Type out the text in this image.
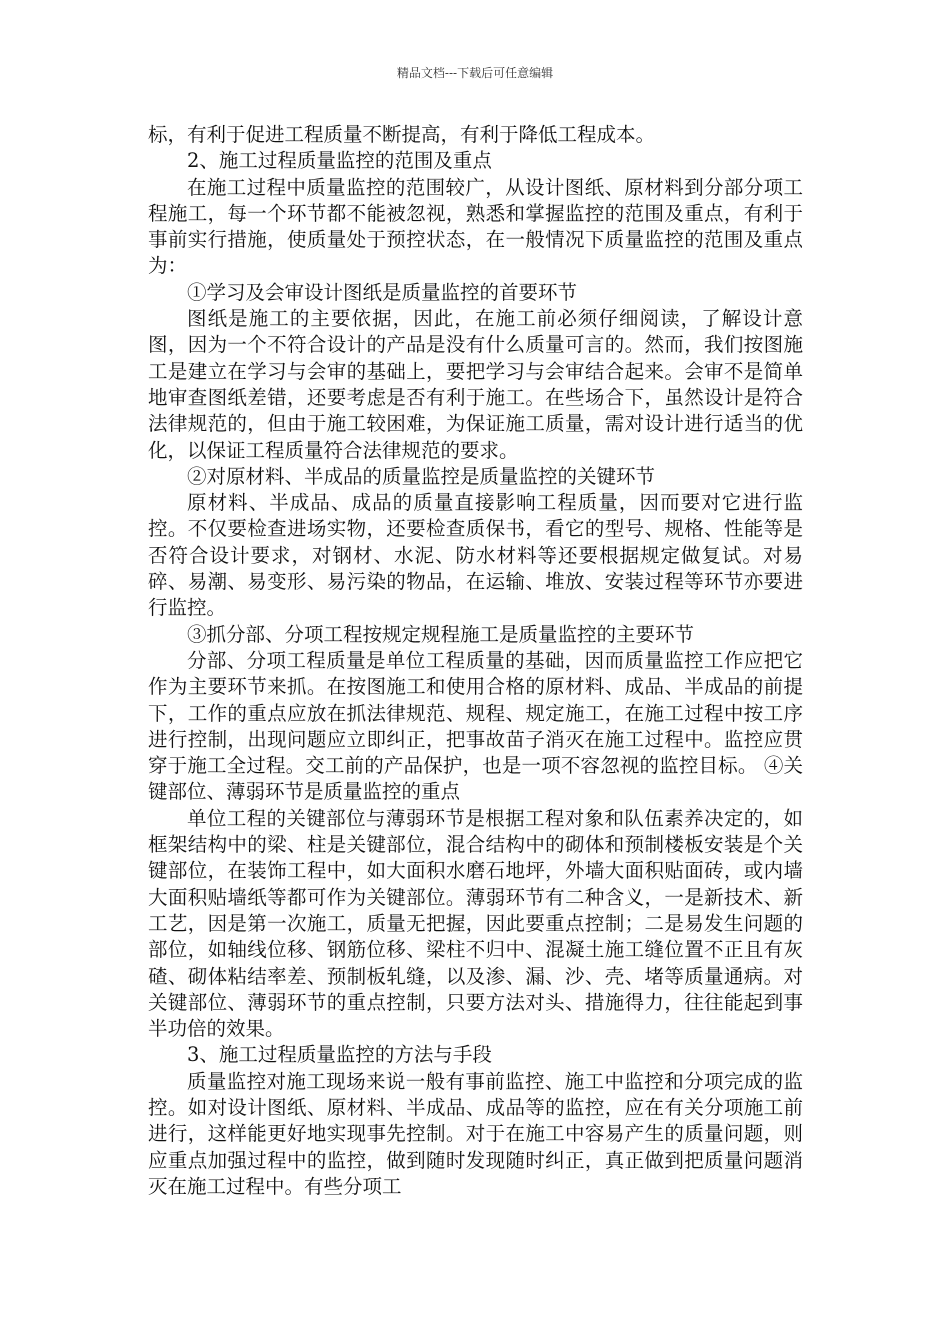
精品文档---下载后可任意编辑

标，有利于促进工程质量不断提高，有利于降低工程成本。

2、施工过程质量监控的范围及重点

在施工过程中质量监控的范围较广，从设计图纸、原材料到分部分项工程施工，每一个环节都不能被忽视，熟悉和掌握监控的范围及重点，有利于事前实行措施，使质量处于预控状态，在一般情况下质量监控的范围及重点为：

①学习及会审设计图纸是质量监控的首要环节

图纸是施工的主要依据，因此，在施工前必须仔细阅读，了解设计意图，因为一个不符合设计的产品是没有什么质量可言的。然而，我们按图施工是建立在学习与会审的基础上，要把学习与会审结合起来。会审不是简单地审查图纸差错，还要考虑是否有利于施工。在些场合下，虽然设计是符合法律规范的，但由于施工较困难，为保证施工质量，需对设计进行适当的优化，以保证工程质量符合法律规范的要求。

②对原材料、半成品的质量监控是质量监控的关键环节

原材料、半成品、成品的质量直接影响工程质量，因而要对它进行监控。不仅要检查进场实物，还要检查质保书，看它的型号、规格、性能等是否符合设计要求，对钢材、水泥、防水材料等还要根据规定做复试。对易碎、易潮、易变形、易污染的物品，在运输、堆放、安装过程等环节亦要进行监控。

③抓分部、分项工程按规定规程施工是质量监控的主要环节

分部、分项工程质量是单位工程质量的基础，因而质量监控工作应把它作为主要环节来抓。在按图施工和使用合格的原材料、成品、半成品的前提下，工作的重点应放在抓法律规范、规程、规定施工，在施工过程中按工序进行控制，出现问题应立即纠正，把事故苗子消灭在施工过程中。监控应贯穿于施工全过程。交工前的产品保护，也是一项不容忽视的监控目标。 ④关键部位、薄弱环节是质量监控的重点

单位工程的关键部位与薄弱环节是根据工程对象和队伍素养决定的，如框架结构中的梁、柱是关键部位，混合结构中的砌体和预制楼板安装是个关键部位，在装饰工程中，如大面积水磨石地坪，外墙大面积贴面砖，或内墙大面积贴墙纸等都可作为关键部位。薄弱环节有二种含义，一是新技术、新工艺，因是第一次施工，质量无把握，因此要重点控制；二是易发生问题的部位，如轴线位移、钢筋位移、梁柱不归中、混凝土施工缝位置不正且有灰碴、砌体粘结率差、预制板轧缝，以及渗、漏、沙、壳、堵等质量通病。对关键部位、薄弱环节的重点控制，只要方法对头、措施得力，往往能起到事半功倍的效果。

3、施工过程质量监控的方法与手段

质量监控对施工现场来说一般有事前监控、施工中监控和分项完成的监控。如对设计图纸、原材料、半成品、成品等的监控，应在有关分项施工前进行，这样能更好地实现事先控制。对于在施工中容易产生的质量问题，则应重点加强过程中的监控，做到随时发现随时纠正，真正做到把质量问题消灭在施工过程中。有些分项工
